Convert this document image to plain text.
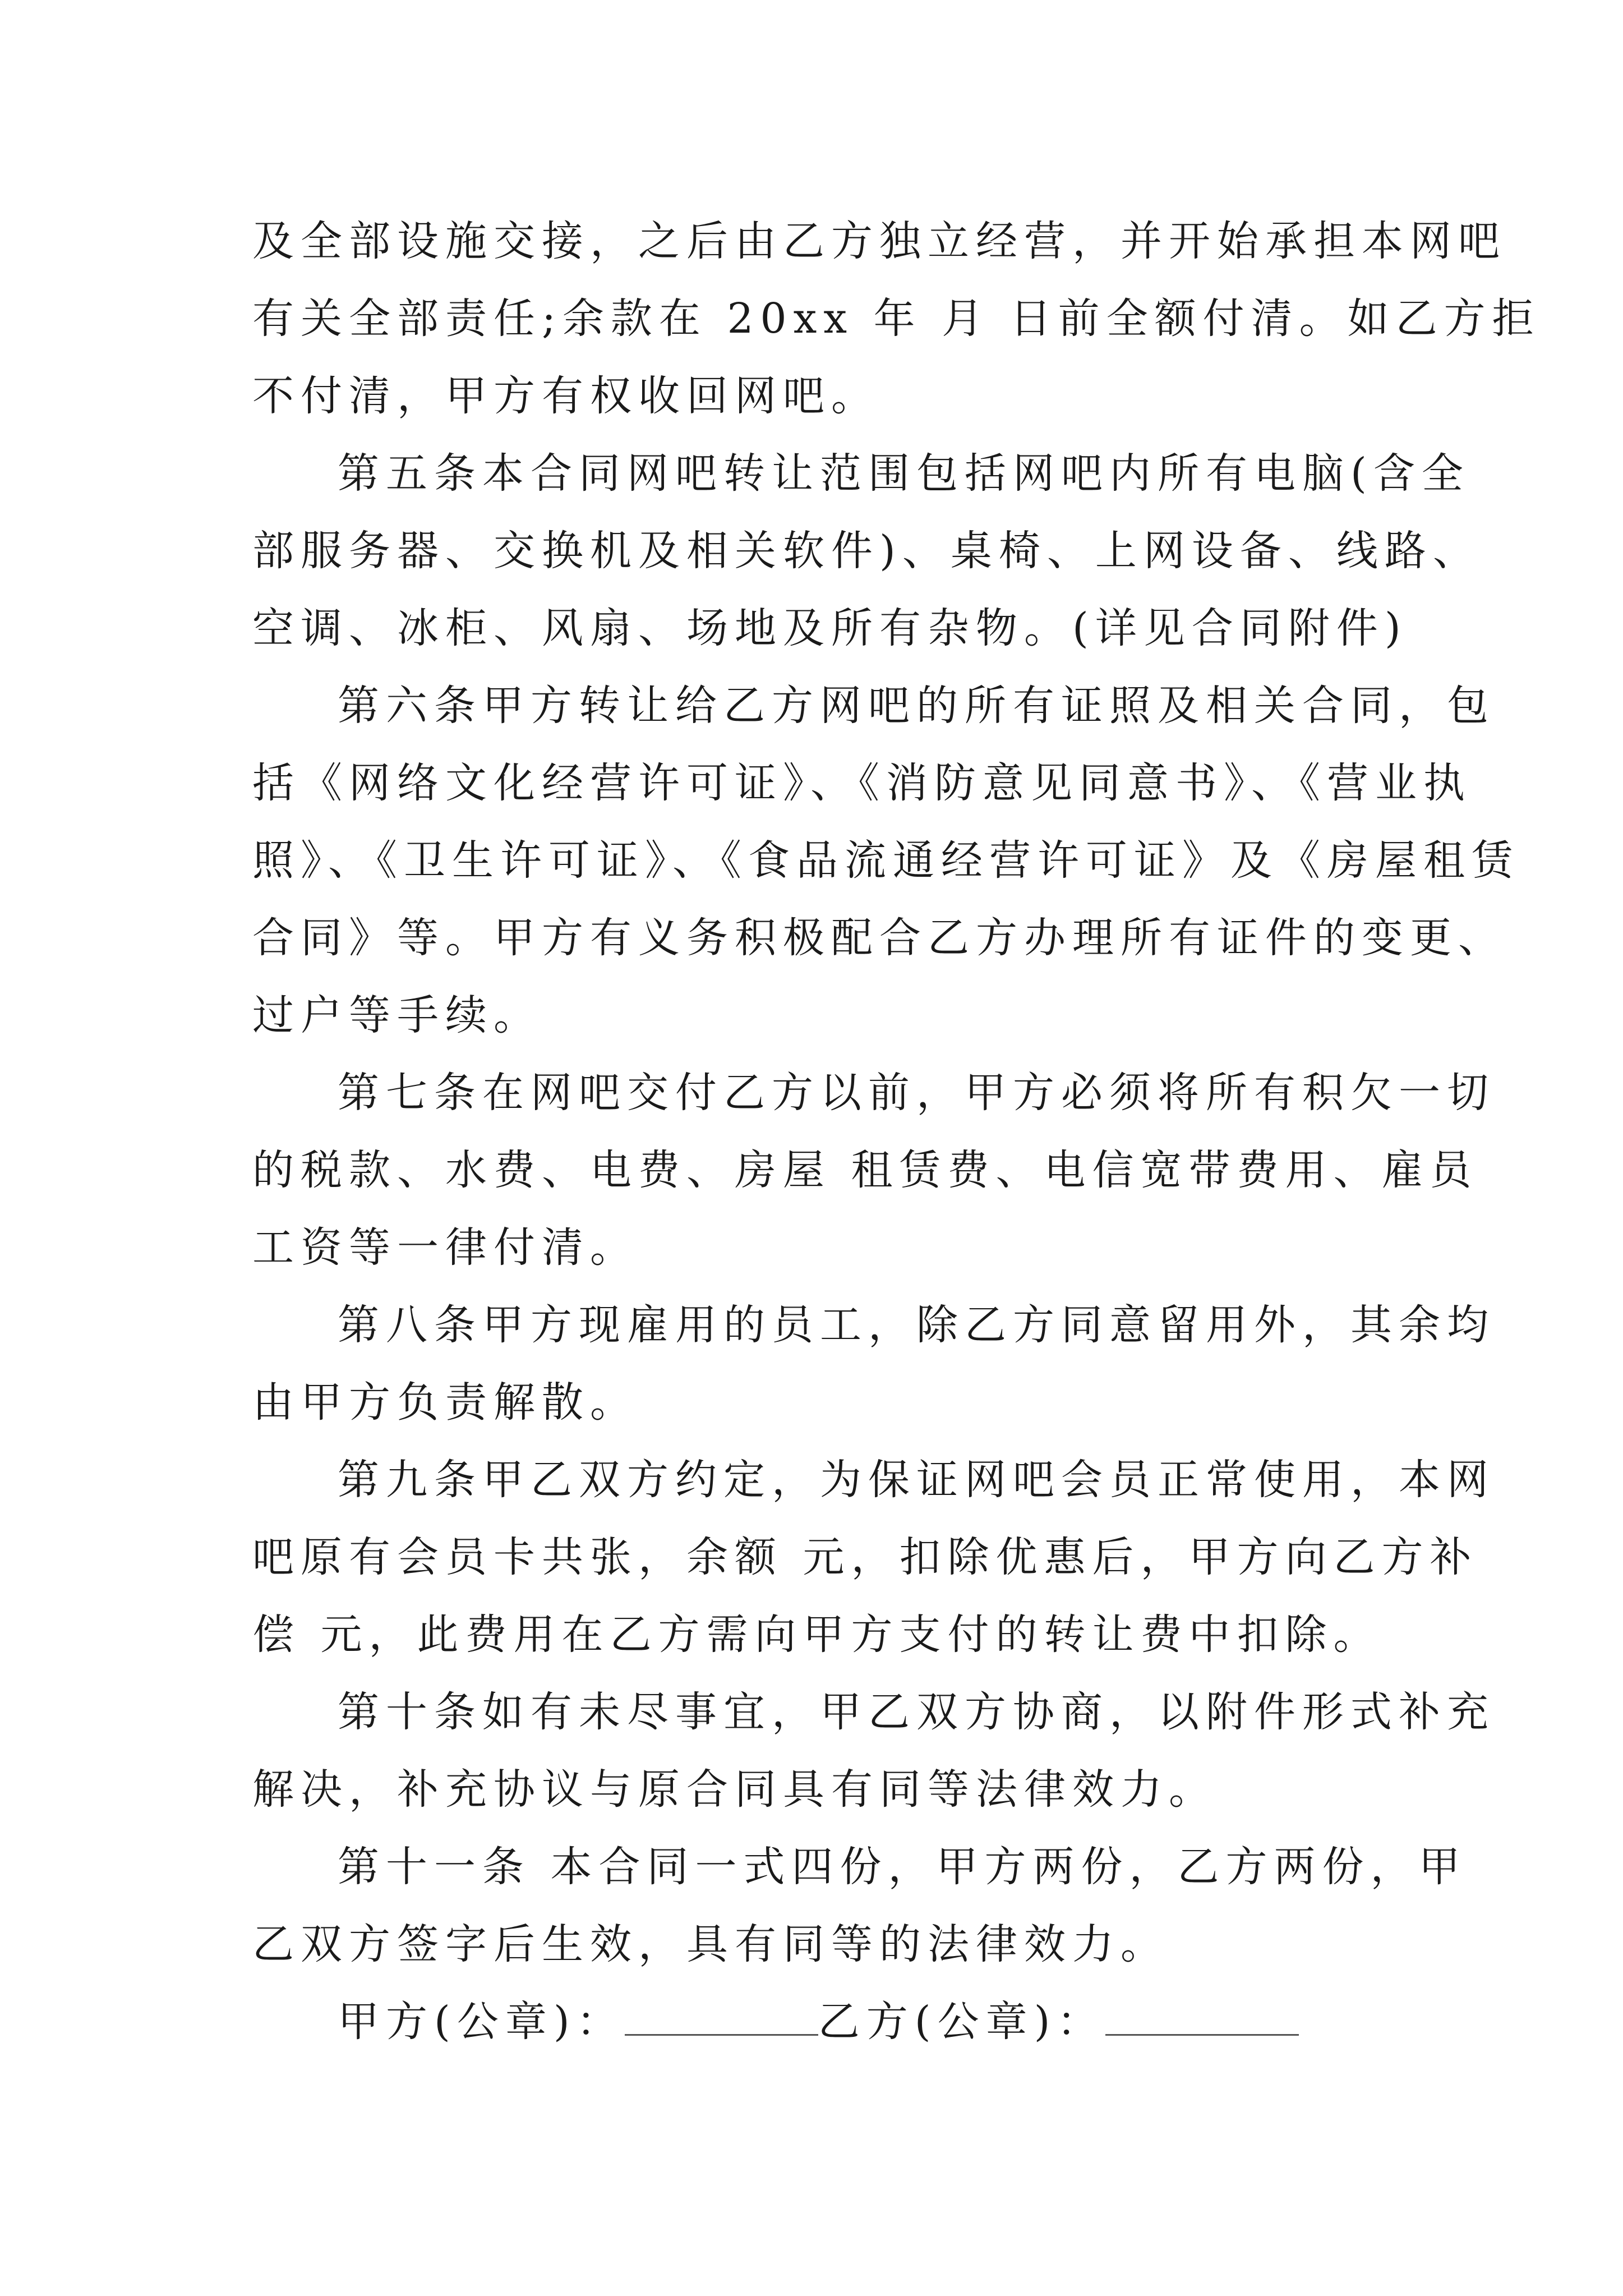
及全部设施交接，之后由乙方独立经营，并开始承担本网吧
有关全部责任;余款在 20xx 年 月 日前全额付清。如乙方拒
不付清，甲方有权收回网吧。
第五条本合同网吧转让范围包括网吧内所有电脑(含全
部服务器、交换机及相关软件)、桌椅、上网设备、线路、
空调、冰柜、风扇、场地及所有杂物。(详见合同附件)
第六条甲方转让给乙方网吧的所有证照及相关合同，包
括《网络文化经营许可证》、《消防意见同意书》、《营业执
照》、《卫生许可证》、《食品流通经营许可证》及《房屋租赁
合同》等。甲方有义务积极配合乙方办理所有证件的变更、
过户等手续。
第七条在网吧交付乙方以前，甲方必须将所有积欠一切
的税款、水费、电费、房屋 租赁费、电信宽带费用、雇员
工资等一律付清。
第八条甲方现雇用的员工，除乙方同意留用外，其余均
由甲方负责解散。
第九条甲乙双方约定，为保证网吧会员正常使用，本网
吧原有会员卡共张，余额 元，扣除优惠后，甲方向乙方补
偿 元，此费用在乙方需向甲方支付的转让费中扣除。
第十条如有未尽事宜，甲乙双方协商，以附件形式补充
解决，补充协议与原合同具有同等法律效力。
第十一条 本合同一式四份，甲方两份，乙方两份，甲
乙双方签字后生效，具有同等的法律效力。
甲方(公章)：	乙方(公章)：
